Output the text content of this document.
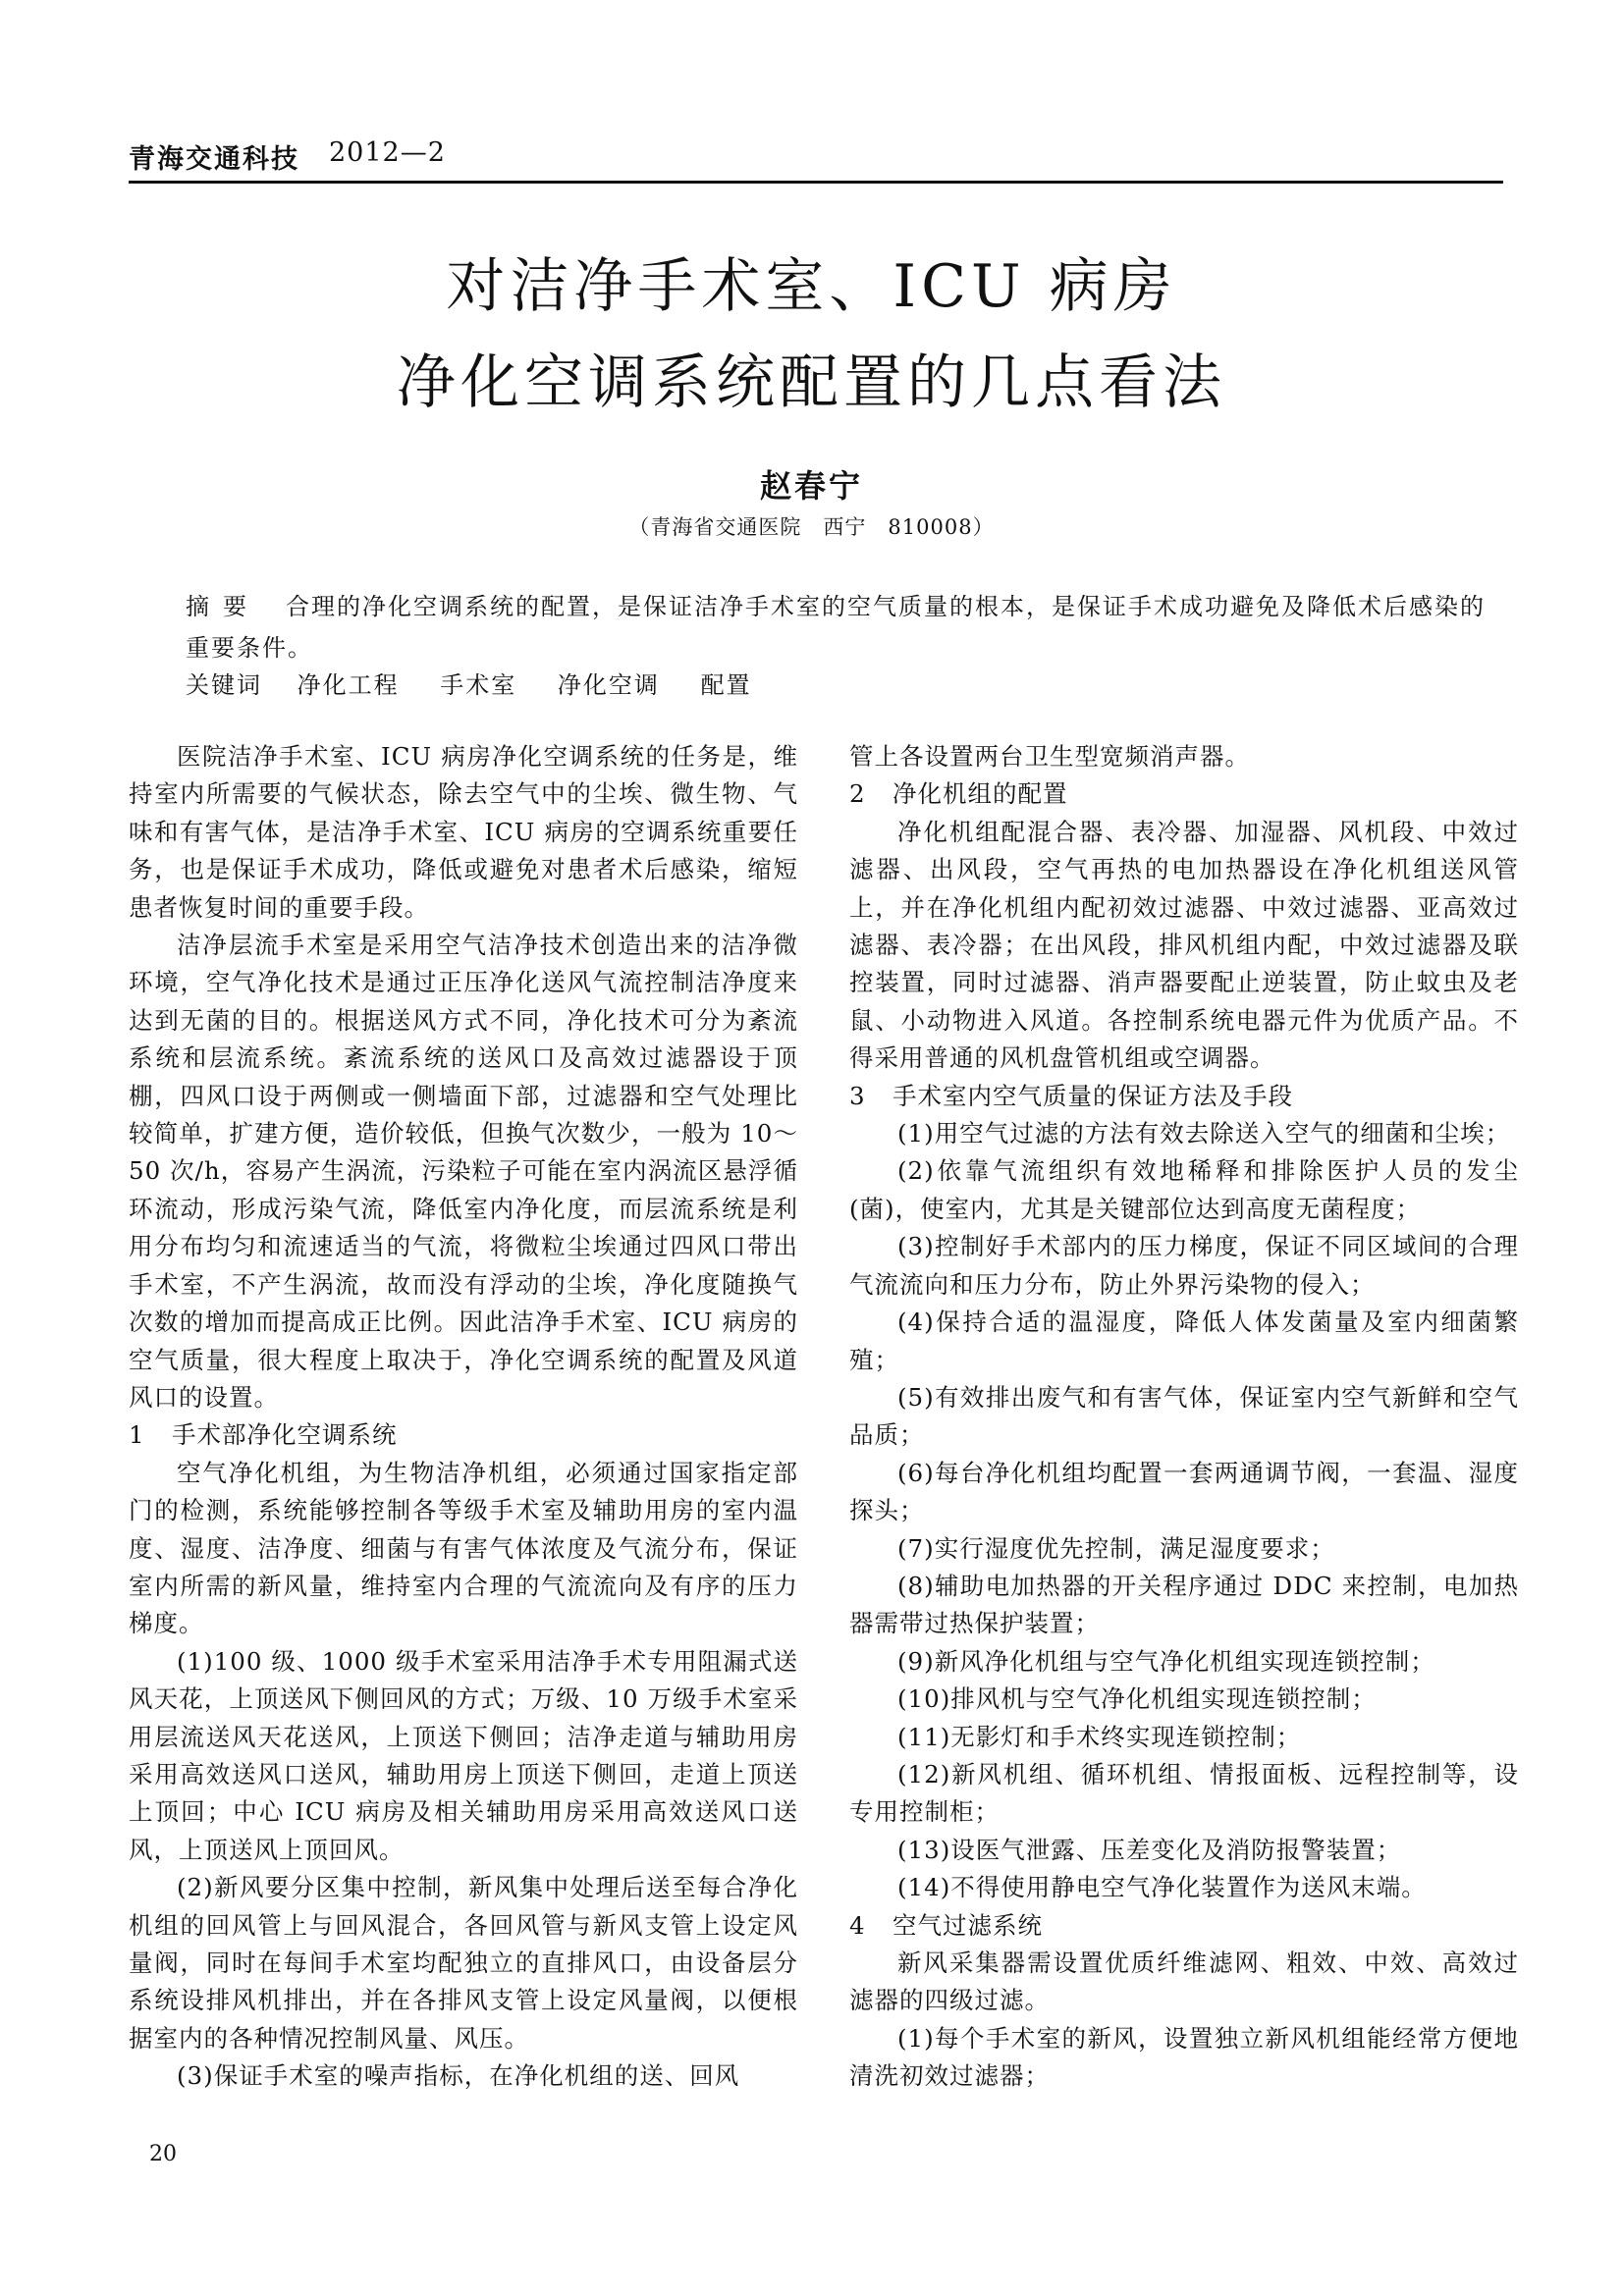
青海交通科技 2012—2
对洁净手术室、ICU 病房
净化空调系统配置的几点看法
赵春宁
（青海省交通医院　西宁　810008）
摘要 合理的净化空调系统的配置，是保证洁净手术室的空气质量的根本，是保证手术成功避免及降低术后感染的重要条件。
关键词 净化工程 手术室 净化空调 配置

医院洁净手术室、ICU 病房净化空调系统的任务是，维持室内所需要的气候状态，除去空气中的尘埃、微生物、气味和有害气体，是洁净手术室、ICU 病房的空调系统重要任务，也是保证手术成功，降低或避免对患者术后感染，缩短患者恢复时间的重要手段。

洁净层流手术室是采用空气洁净技术创造出来的洁净微环境，空气净化技术是通过正压净化送风气流控制洁净度来达到无菌的目的。根据送风方式不同，净化技术可分为紊流系统和层流系统。紊流系统的送风口及高效过滤器设于顶棚，四风口设于两侧或一侧墙面下部，过滤器和空气处理比较简单，扩建方便，造价较低，但换气次数少，一般为 10～50 次/h，容易产生涡流，污染粒子可能在室内涡流区悬浮循环流动，形成污染气流，降低室内净化度，而层流系统是利用分布均匀和流速适当的气流，将微粒尘埃通过四风口带出手术室，不产生涡流，故而没有浮动的尘埃，净化度随换气次数的增加而提高成正比例。因此洁净手术室、ICU 病房的空气质量，很大程度上取决于，净化空调系统的配置及风道风口的设置。

1 手术部净化空调系统

空气净化机组，为生物洁净机组，必须通过国家指定部门的检测，系统能够控制各等级手术室及辅助用房的室内温度、湿度、洁净度、细菌与有害气体浓度及气流分布，保证室内所需的新风量，维持室内合理的气流流向及有序的压力梯度。

(1)100 级、1000 级手术室采用洁净手术专用阻漏式送风天花，上顶送风下侧回风的方式；万级、10 万级手术室采用层流送风天花送风，上顶送下侧回；洁净走道与辅助用房采用高效送风口送风，辅助用房上顶送下侧回，走道上顶送上顶回；中心 ICU 病房及相关辅助用房采用高效送风口送风，上顶送风上顶回风。

(2)新风要分区集中控制，新风集中处理后送至每合净化机组的回风管上与回风混合，各回风管与新风支管上设定风量阀，同时在每间手术室均配独立的直排风口，由设备层分系统设排风机排出，并在各排风支管上设定风量阀，以便根据室内的各种情况控制风量、风压。

(3)保证手术室的噪声指标，在净化机组的送、回风

管上各设置两台卫生型宽频消声器。

2 净化机组的配置

净化机组配混合器、表冷器、加湿器、风机段、中效过滤器、出风段，空气再热的电加热器设在净化机组送风管上，并在净化机组内配初效过滤器、中效过滤器、亚高效过滤器、表冷器；在出风段，排风机组内配，中效过滤器及联控装置，同时过滤器、消声器要配止逆装置，防止蚊虫及老鼠、小动物进入风道。各控制系统电器元件为优质产品。不得采用普通的风机盘管机组或空调器。

3 手术室内空气质量的保证方法及手段

(1)用空气过滤的方法有效去除送入空气的细菌和尘埃；

(2)依靠气流组织有效地稀释和排除医护人员的发尘(菌)，使室内，尤其是关键部位达到高度无菌程度；

(3)控制好手术部内的压力梯度，保证不同区域间的合理气流流向和压力分布，防止外界污染物的侵入；

(4)保持合适的温湿度，降低人体发菌量及室内细菌繁殖；

(5)有效排出废气和有害气体，保证室内空气新鲜和空气品质；

(6)每台净化机组均配置一套两通调节阀，一套温、湿度探头；

(7)实行湿度优先控制，满足湿度要求；

(8)辅助电加热器的开关程序通过 DDC 来控制，电加热器需带过热保护装置；

(9)新风净化机组与空气净化机组实现连锁控制；

(10)排风机与空气净化机组实现连锁控制；

(11)无影灯和手术终实现连锁控制；

(12)新风机组、循环机组、情报面板、远程控制等，设专用控制柜；

(13)设医气泄露、压差变化及消防报警装置；

(14)不得使用静电空气净化装置作为送风末端。

4 空气过滤系统

新风采集器需设置优质纤维滤网、粗效、中效、高效过滤器的四级过滤。

(1)每个手术室的新风，设置独立新风机组能经常方便地清洗初效过滤器；

20
